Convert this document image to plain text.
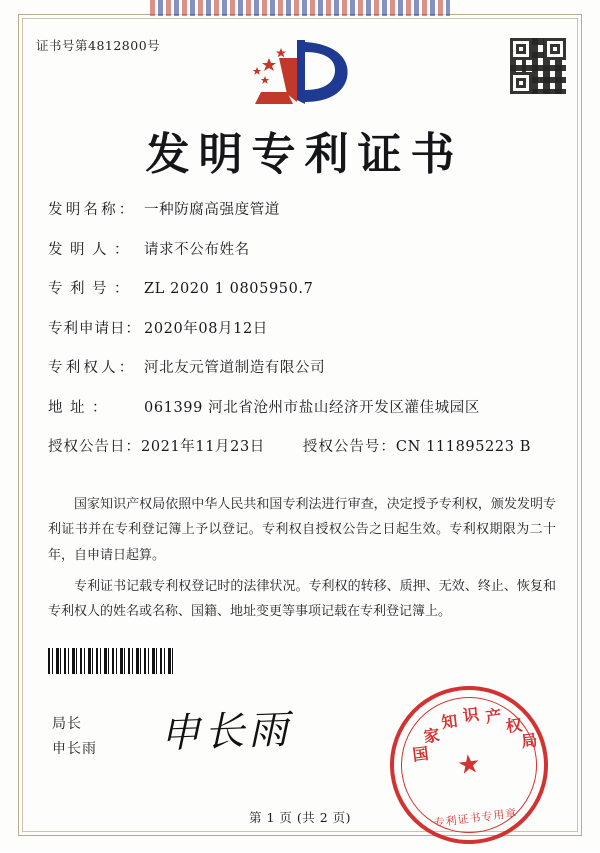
证书号第4812800号
发明专利证书
发明名称： 一种防腐高强度管道
发明人： 请求不公布姓名
专利号： ZL 2020 1 0805950.7
专利申请日： 2020年08月12日
专利权人： 河北友元管道制造有限公司
地址：	061399 河北省沧州市盐山经济开发区灌佳城园区
授权公告日： 2021年11月23日	授权公告号： CN 111895223 B

国家知识产权局依照中华人民共和国专利法进行审查，决定授予专利权，颁发发明专利证书并在专利登记簿上予以登记。专利权自授权公告之日起生效。专利权期限为二十年，自申请日起算。

专利证书记载专利权登记时的法律状况。专利权的转移、质押、无效、终止、恢复和专利权人的姓名或名称、国籍、地址变更等事项记载在专利登记簿上。

局长
申长雨 申长雨	国
家
知 识 产 权
局
★
专利证书专用章
第 1 页 (共 2 页)
